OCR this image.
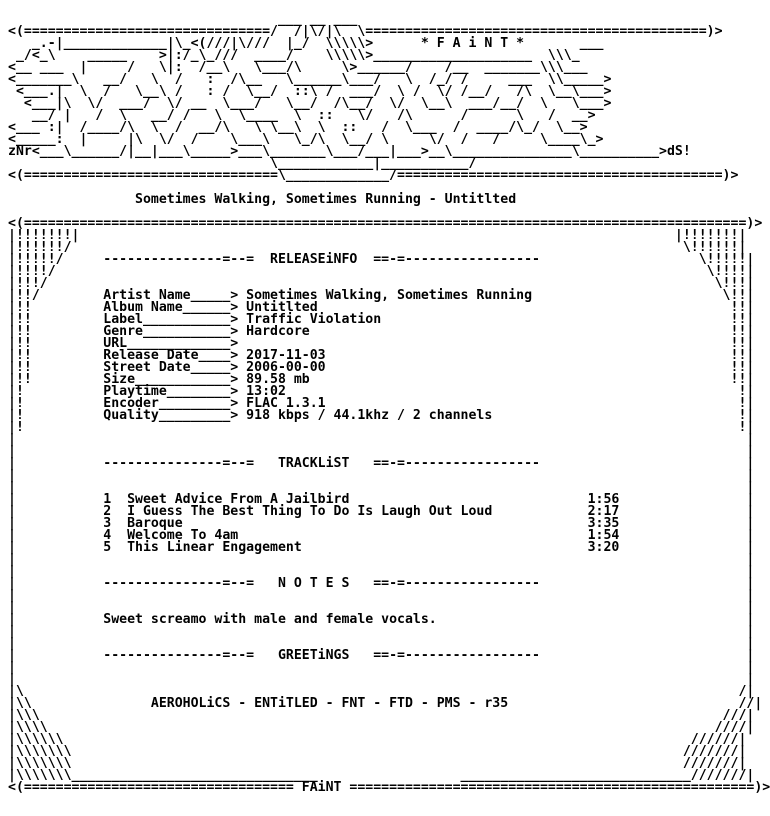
___ __ ___
<(===============================/  /|\/|\  \===========================================)>
_.-|_____________|\_<(///|\///  |_/  \\\\\>      * F A i N T *       ___
_/<_\    _____    >|:/_\_///  ____/    \\\\\>____________________  \\\_
<__ ___  |     /   \|:  /__\   \___/\     \>______/    /__  _______\\\___
<_______\   __/   \  /   :  /\__   \______\___/   \  /_/ /     ___  \\_____>
<___.|  \  /   \__\ /   : /  \__/  ::\ /  ___/  \ /  \/ /__/   /\  \__\___>
<___|\  \/  ___/  \/ __  \___/   \__/  /\__/  \/  \__\  ___/__/  \   \___>
__/ |   /  \   __/ /   \  \____  \  ::   \/   /\      /      \   /  __>
<___ :|  /____/\  \  /  __/\   \ \__\  \  ::   /  \___  /  ____/\_/  \__>
<_____:  |     |\  \/  /    \___\   \_/\  \__/ \     \/  /   /     \____\_>
zNr<___\______/|__|___\_____>___\_______\___/___|___>__\_______________\__________>dS!
\____________|___________/
<(================================\_____________/=========================================)>
Sometimes Walking, Sometimes Running - Untitlted
<(===========================================================================================)>
|!!!!!!!|                                                                           |!!!!!!!|
|!!!!!!/                                                                             \!!!!!!|
|!!!!!/     ---------------=--=  RELEASEiNFO  ==-=-----------------                    \!!!!!|
|!!!!/                                                                                  \!!!!|
|!!!/                                                                                    \!!!|
|!!/        Artist Name_____> Sometimes Walking, Sometimes Running                        \!!|
|!!         Album Name______> Untitlted                                                    !!|
|!!         Label___________> Traffic Violation                                            !!|
|!!         Genre___________> Hardcore                                                     !!|
|!!         URL_____________>                                                              !!|
|!!         Release Date____> 2017-11-03                                                   !!|
|!!         Street Date_____> 2006-00-00                                                   !!|
|!!         Size____________> 89.58 mb                                                     !!|
|!          Playtime________> 13:02                                                         !|
|!          Encoder_________> FLAC 1.3.1                                                    !|
|!          Quality_________> 918 kbps / 44.1khz / 2 channels                               !|
|!                                                                                          !|
|                                                                                            |
|                                                                                            |
|           ---------------=--=   TRACKLiST   ==-=-----------------                          |
|                                                                                            |
|                                                                                            |
|           1  Sweet Advice From A Jailbird                              1:56                |
|           2  I Guess The Best Thing To Do Is Laugh Out Loud            2:17                |
|           3  Baroque                                                   3:35                |
|           4  Welcome To 4am                                            1:54                |
|           5  This Linear Engagement                                    3:20                |
|                                                                                            |
|                                                                                            |
|           ---------------=--=   N O T E S   ==-=-----------------                          |
|                                                                                            |
|                                                                                            |
|           Sweet screamo with male and female vocals.                                       |
|                                                                                            |
|                                                                                            |
|           ---------------=--=   GREETiNGS   ==-=-----------------                          |
|                                                                                            |
|                                                                                            |
|\                                                                                          /|
|\\               AEROHOLiCS - ENTiTLED - FNT - FTD - PMS - r35                             //|
|\\\                                                                                      ///|
|\\\\                                                                                    ////|
|\\\\\\                                                                               //////|
|\\\\\\\                                                                             ///////|
|\\\\\\\                                                                             ///////|
|\\\\\\\_______________________________                  _____________________________///////|
<(================================== FAiNT ===================================================)>
